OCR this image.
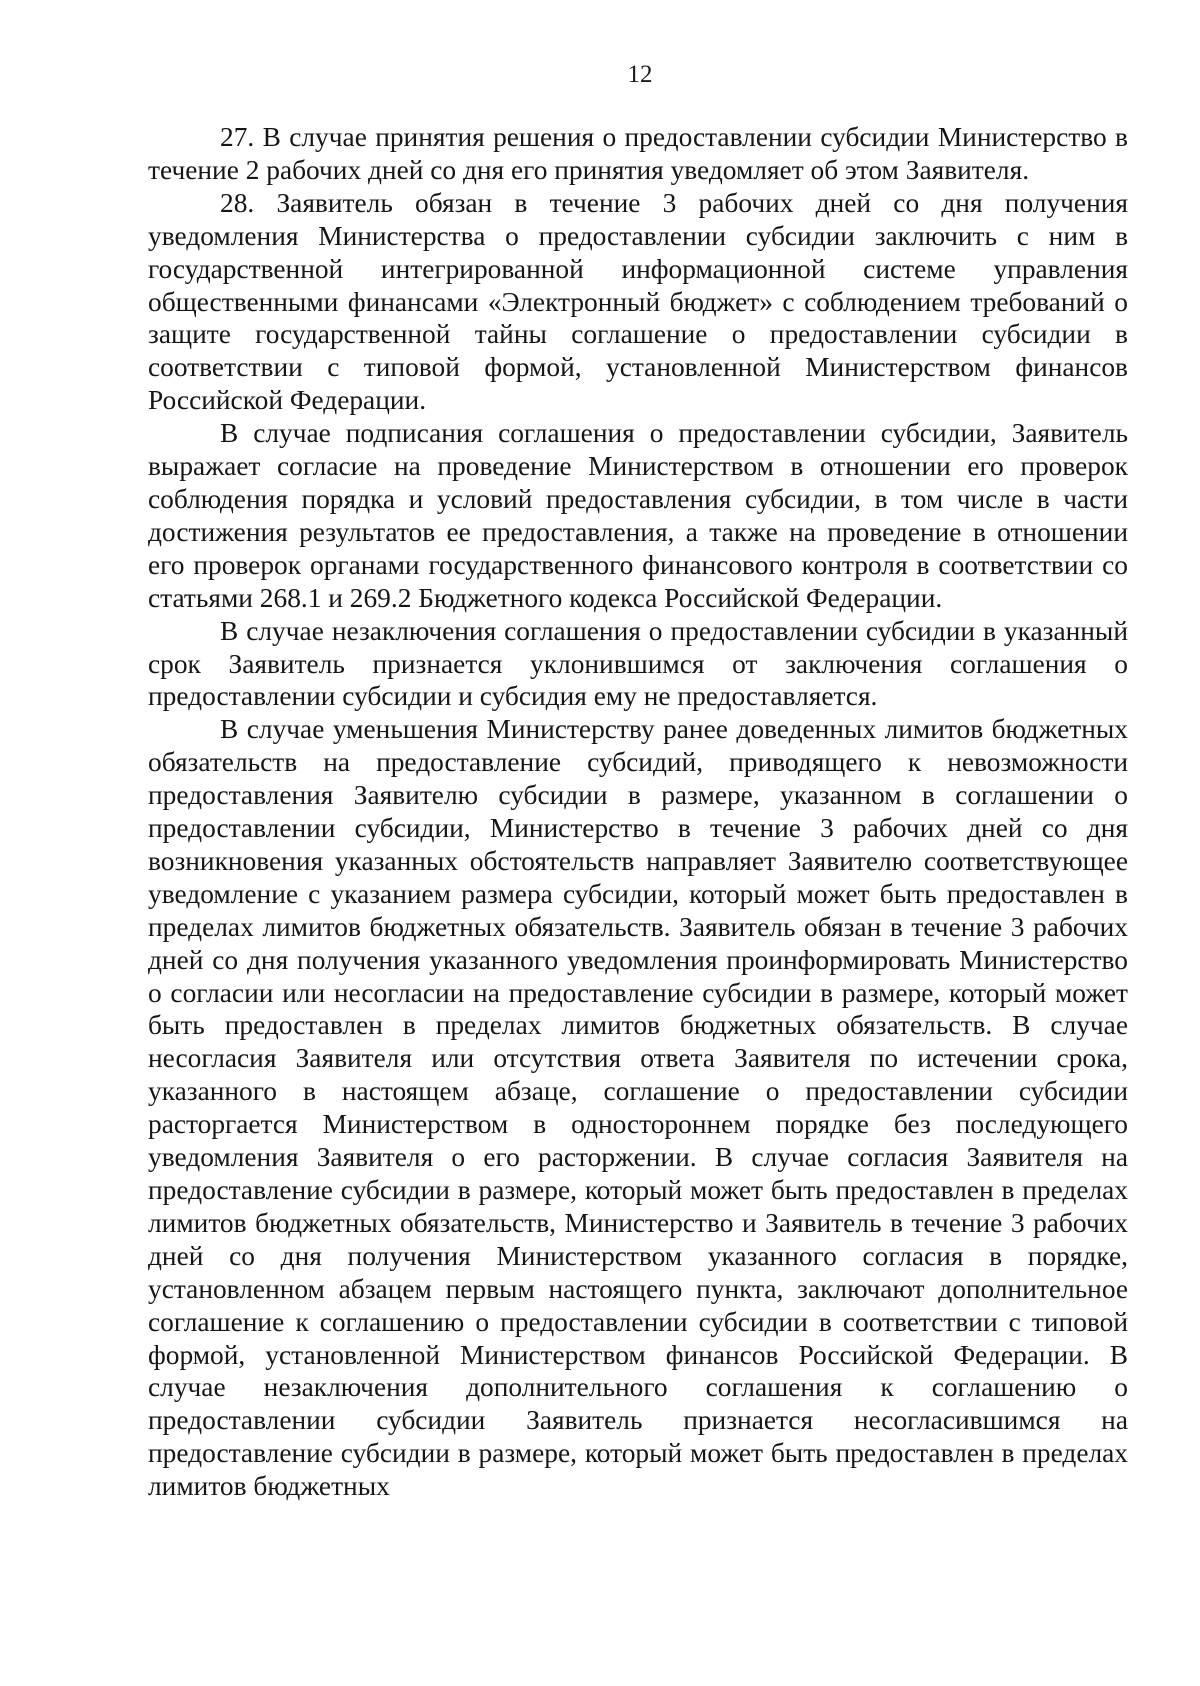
12

27. В случае принятия решения о предоставлении субсидии Министерство в течение 2 рабочих дней со дня его принятия уведомляет об этом Заявителя.

28. Заявитель обязан в течение 3 рабочих дней со дня получения уведомления Министерства о предоставлении субсидии заключить с ним в государственной интегрированной информационной системе управления общественными финансами «Электронный бюджет» с соблюдением требований о защите государственной тайны соглашение о предоставлении субсидии в соответствии с типовой формой, установленной Министерством финансов Российской Федерации.

В случае подписания соглашения о предоставлении субсидии, Заявитель выражает согласие на проведение Министерством в отношении его проверок соблюдения порядка и условий предоставления субсидии, в том числе в части достижения результатов ее предоставления, а также на проведение в отношении его проверок органами государственного финансового контроля в соответствии со статьями 268.1 и 269.2 Бюджетного кодекса Российской Федерации.

В случае незаключения соглашения о предоставлении субсидии в указанный срок Заявитель признается уклонившимся от заключения соглашения о предоставлении субсидии и субсидия ему не предоставляется.

В случае уменьшения Министерству ранее доведенных лимитов бюджетных обязательств на предоставление субсидий, приводящего к невозможности предоставления Заявителю субсидии в размере, указанном в соглашении о предоставлении субсидии, Министерство в течение 3 рабочих дней со дня возникновения указанных обстоятельств направляет Заявителю соответствующее уведомление с указанием размера субсидии, который может быть предоставлен в пределах лимитов бюджетных обязательств. Заявитель обязан в течение 3 рабочих дней со дня получения указанного уведомления проинформировать Министерство о согласии или несогласии на предоставление субсидии в размере, который может быть предоставлен в пределах лимитов бюджетных обязательств. В случае несогласия Заявителя или отсутствия ответа Заявителя по истечении срока, указанного в настоящем абзаце, соглашение о предоставлении субсидии расторгается Министерством в одностороннем порядке без последующего уведомления Заявителя о его расторжении. В случае согласия Заявителя на предоставление субсидии в размере, который может быть предоставлен в пределах лимитов бюджетных обязательств, Министерство и Заявитель в течение 3 рабочих дней со дня получения Министерством указанного согласия в порядке, установленном абзацем первым настоящего пункта, заключают дополнительное соглашение к соглашению о предоставлении субсидии в соответствии с типовой формой, установленной Министерством финансов Российской Федерации. В случае незаключения дополнительного соглашения к соглашению о предоставлении субсидии Заявитель признается несогласившимся на предоставление субсидии в размере, который может быть предоставлен в пределах лимитов бюджетных
